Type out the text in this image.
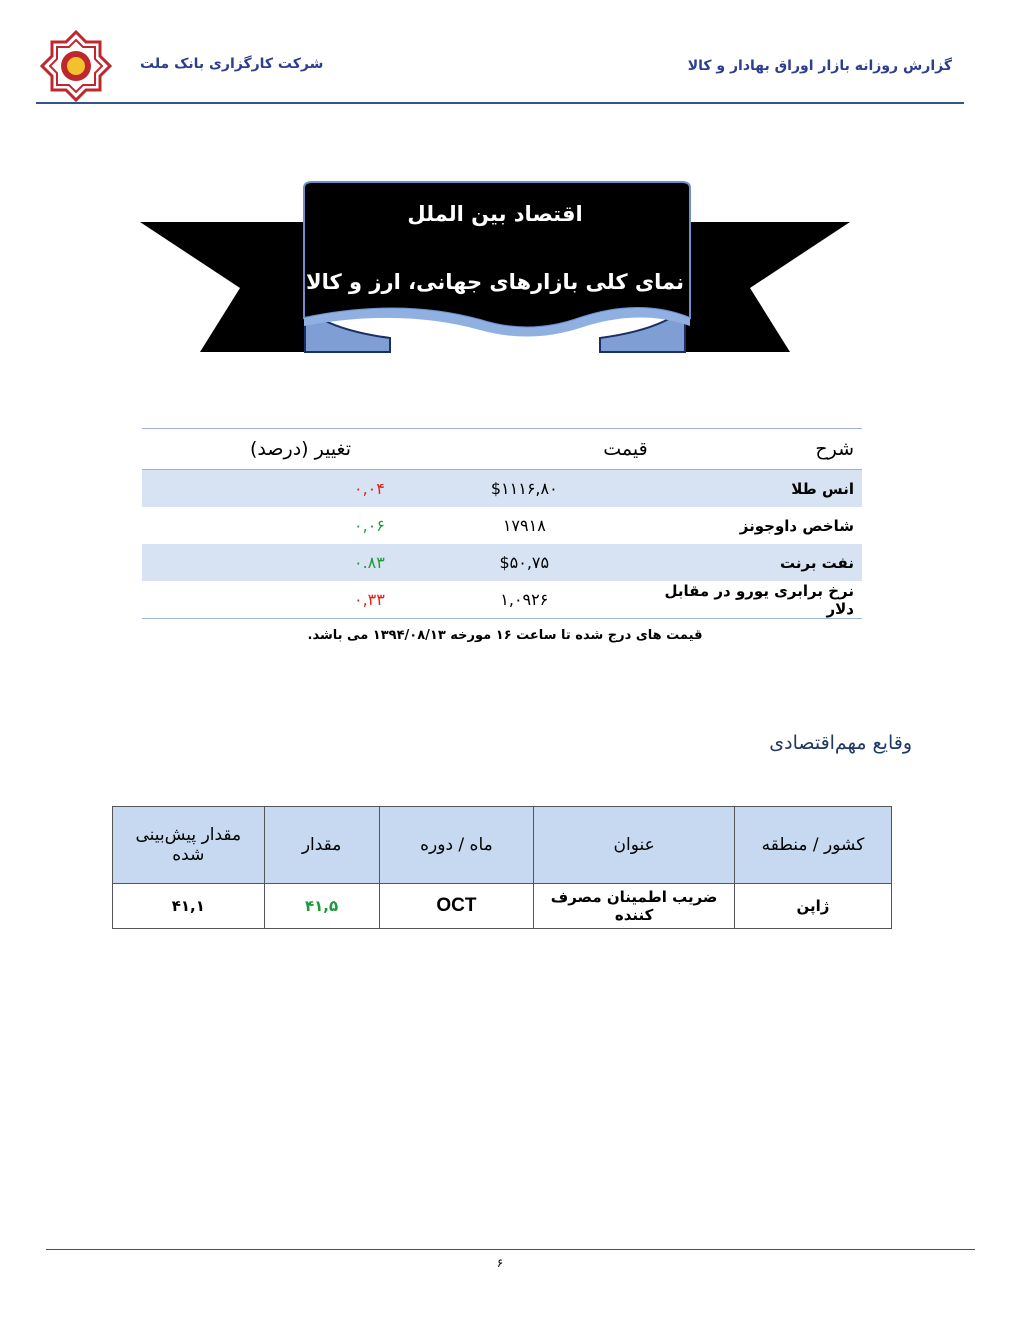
شرکت کارگزاری بانک ملت	گزارش روزانه بازار اوراق بهادار و کالا
اقتصاد بین الملل
نمای کلی بازارهای جهانی، ارز و کالا
شرح	قیمت	تغییر (درصد)
انس طلا	$۱۱۱۶,۸۰	۰,۰۴
شاخص داوجونز	۱۷۹۱۸	۰,۰۶
نفت برنت	$۵۰,۷۵	۰.۸۳
نرخ برابری یورو در مقابل دلار	۱,۰۹۲۶	۰,۳۳
قیمت های درج شده تا ساعت ۱۶ مورخه ۱۳۹۴/۰۸/۱۳ می باشد.
وقایع مهم‌اقتصادی
کشور / منطقه	عنوان	ماه / دوره	مقدار	مقدار پیش‌بینی شده
ژاپن	ضریب اطمینان مصرف کننده	OCT	۴۱,۵	۴۱,۱
۶
